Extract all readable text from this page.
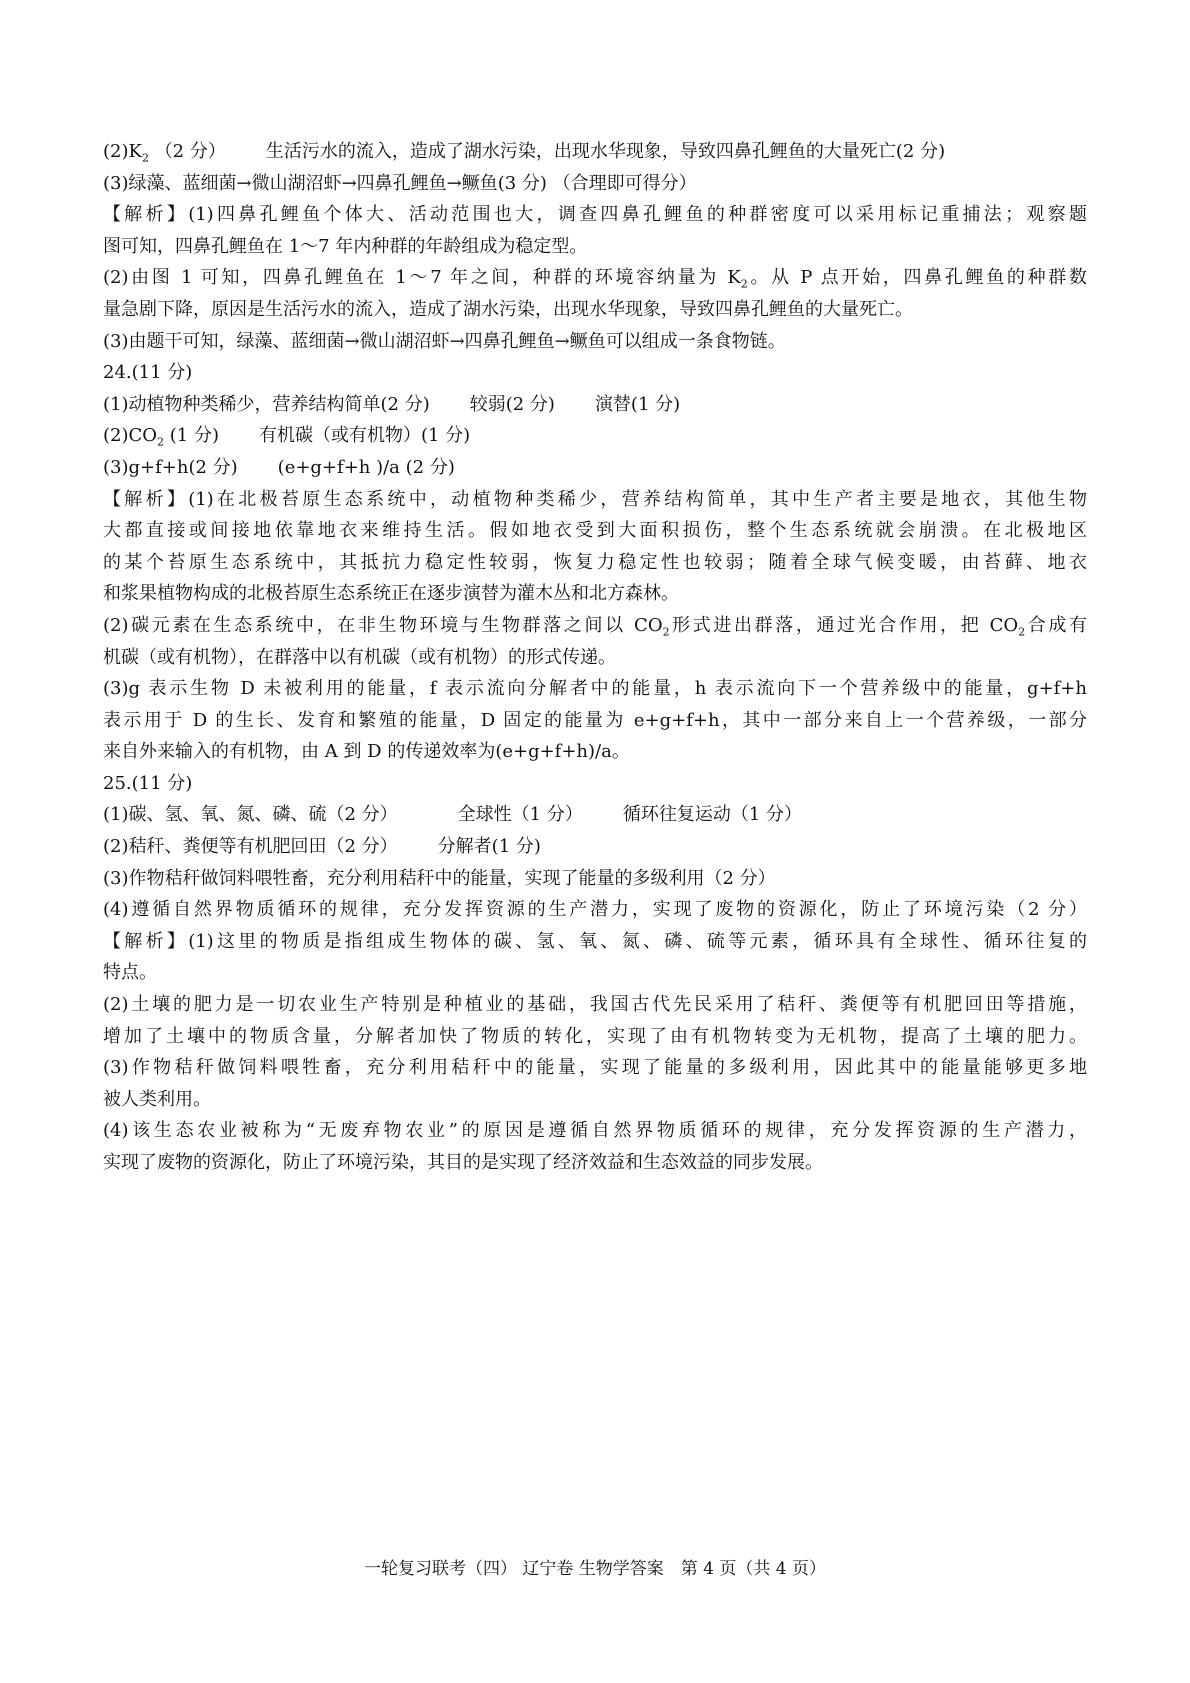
$(2)K_2$ （2 分） 生活污水的流入，造成了湖水污染，出现水华现象，导致四鼻孔鲤鱼的大量死亡(2 分)
(3)绿藻、蓝细菌→微山湖沼虾→四鼻孔鲤鱼→鳜鱼(3 分) （合理即可得分）
【解析】(1)四鼻孔鲤鱼个体大、活动范围也大，调查四鼻孔鲤鱼的种群密度可以采用标记重捕法；观察题
图可知，四鼻孔鲤鱼在 1～7 年内种群的年龄组成为稳定型。
(2)由图 1 可知，四鼻孔鲤鱼在 1～7 年之间，种群的环境容纳量为 $K_2$。从 P 点开始，四鼻孔鲤鱼的种群数
量急剧下降，原因是生活污水的流入，造成了湖水污染，出现水华现象，导致四鼻孔鲤鱼的大量死亡。
(3)由题干可知，绿藻、蓝细菌→微山湖沼虾→四鼻孔鲤鱼→鳜鱼可以组成一条食物链。
24.(11 分)
(1)动植物种类稀少，营养结构简单(2 分) 较弱(2 分) 演替(1 分)
$(2)CO_2$ (1 分) 有机碳（或有机物）(1 分)
(3)g+f+h(2 分) (e+g+f+h )/a (2 分)
【解析】(1)在北极苔原生态系统中，动植物种类稀少，营养结构简单，其中生产者主要是地衣，其他生物
大都直接或间接地依靠地衣来维持生活。假如地衣受到大面积损伤，整个生态系统就会崩溃。在北极地区
的某个苔原生态系统中，其抵抗力稳定性较弱，恢复力稳定性也较弱；随着全球气候变暖，由苔藓、地衣
和浆果植物构成的北极苔原生态系统正在逐步演替为灌木丛和北方森林。
(2)碳元素在生态系统中，在非生物环境与生物群落之间以 $CO_2$形式进出群落，通过光合作用，把 $CO_2$合成有
机碳（或有机物），在群落中以有机碳（或有机物）的形式传递。
(3)g 表示生物 D 未被利用的能量，f 表示流向分解者中的能量，h 表示流向下一个营养级中的能量，g+f+h
表示用于 D 的生长、发育和繁殖的能量，D 固定的能量为 e+g+f+h，其中一部分来自上一个营养级，一部分
来自外来输入的有机物，由 A 到 D 的传递效率为(e+g+f+h)/a。
25.(11 分)
(1)碳、氢、氧、氮、磷、硫（2 分）	全球性（1 分） 循环往复运动（1 分）
(2)秸秆、粪便等有机肥回田（2 分） 分解者(1 分)
(3)作物秸秆做饲料喂牲畜，充分利用秸秆中的能量，实现了能量的多级利用（2 分）
(4)遵循自然界物质循环的规律，充分发挥资源的生产潜力，实现了废物的资源化，防止了环境污染（2 分）
【解析】(1)这里的物质是指组成生物体的碳、氢、氧、氮、磷、硫等元素，循环具有全球性、循环往复的
特点。
(2)土壤的肥力是一切农业生产特别是种植业的基础，我国古代先民采用了秸秆、粪便等有机肥回田等措施，
增加了土壤中的物质含量，分解者加快了物质的转化，实现了由有机物转变为无机物，提高了土壤的肥力。
(3)作物秸秆做饲料喂牲畜，充分利用秸秆中的能量，实现了能量的多级利用，因此其中的能量能够更多地
被人类利用。
(4)该生态农业被称为“无废弃物农业”的原因是遵循自然界物质循环的规律，充分发挥资源的生产潜力，
实现了废物的资源化，防止了环境污染，其目的是实现了经济效益和生态效益的同步发展。
一轮复习联考（四） 辽宁卷 生物学答案　第 4 页（共 4 页）
